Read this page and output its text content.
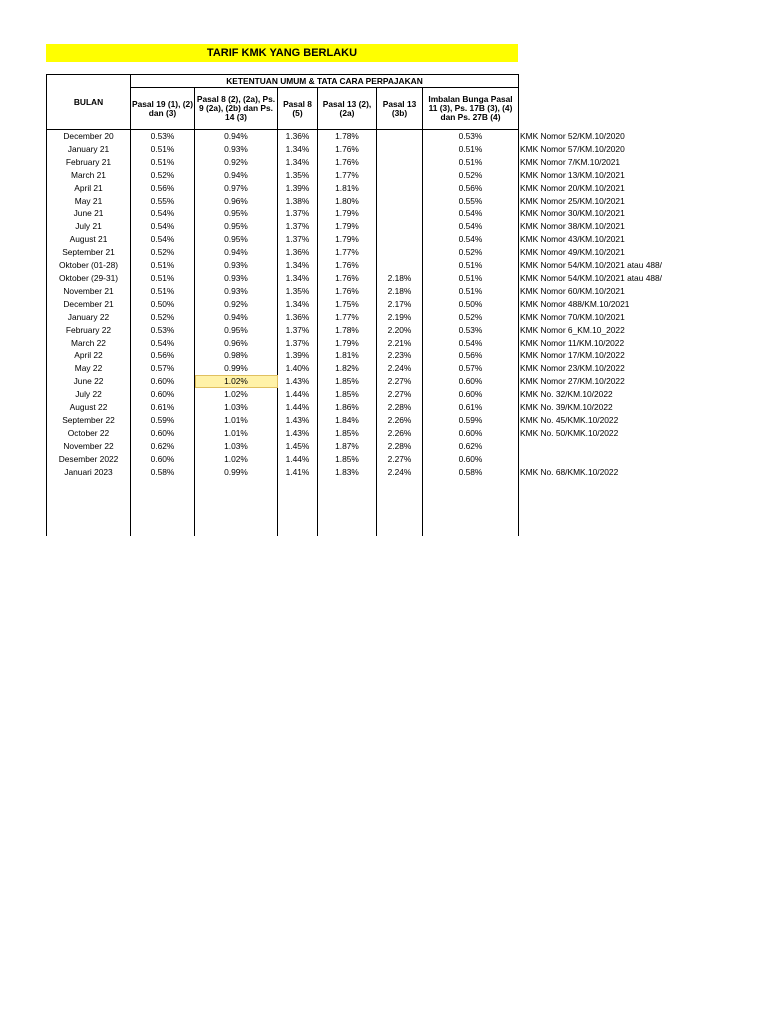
TARIF KMK YANG BERLAKU
BULAN	KETENTUAN UMUM & TATA CARA PERPAJAKAN						
	Pasal 19 (1), (2) dan (3)	Pasal 8 (2), (2a), Ps. 9 (2a), (2b) dan Ps. 14 (3)	Pasal 8 (5)	Pasal 13 (2), (2a)	Pasal 13 (3b)	Imbalan Bunga Pasal 11 (3), Ps. 17B (3), (4) dan Ps. 27B (4)	
December 20	0.53%	0.94%	1.36%	1.78%		0.53%	KMK Nomor 52/KM.10/2020
January 21	0.51%	0.93%	1.34%	1.76%		0.51%	KMK Nomor 57/KM.10/2020
February 21	0.51%	0.92%	1.34%	1.76%		0.51%	KMK Nomor 7/KM.10/2021
March 21	0.52%	0.94%	1.35%	1.77%		0.52%	KMK Nomor 13/KM.10/2021
April 21	0.56%	0.97%	1.39%	1.81%		0.56%	KMK Nomor 20/KM.10/2021
May 21	0.55%	0.96%	1.38%	1.80%		0.55%	KMK Nomor 25/KM.10/2021
June 21	0.54%	0.95%	1.37%	1.79%		0.54%	KMK Nomor 30/KM.10/2021
July 21	0.54%	0.95%	1.37%	1.79%		0.54%	KMK Nomor 38/KM.10/2021
August 21	0.54%	0.95%	1.37%	1.79%		0.54%	KMK Nomor 43/KM.10/2021
September 21	0.52%	0.94%	1.36%	1.77%		0.52%	KMK Nomor 49/KM.10/2021
Oktober (01-28)	0.51%	0.93%	1.34%	1.76%		0.51%	KMK Nomor 54/KM.10/2021 atau 488/
Oktober (29-31)	0.51%	0.93%	1.34%	1.76%	2.18%	0.51%	KMK Nomor 54/KM.10/2021 atau 488/
November 21	0.51%	0.93%	1.35%	1.76%	2.18%	0.51%	KMK Nomor 60/KM.10/2021
December 21	0.50%	0.92%	1.34%	1.75%	2.17%	0.50%	KMK Nomor 488/KM.10/2021
January 22	0.52%	0.94%	1.36%	1.77%	2.19%	0.52%	KMK Nomor 70/KM.10/2021
February 22	0.53%	0.95%	1.37%	1.78%	2.20%	0.53%	KMK Nomor 6_KM.10_2022
March 22	0.54%	0.96%	1.37%	1.79%	2.21%	0.54%	KMK Nomor 11/KM.10/2022
April 22	0.56%	0.98%	1.39%	1.81%	2.23%	0.56%	KMK Nomor 17/KM.10/2022
May 22	0.57%	0.99%	1.40%	1.82%	2.24%	0.57%	KMK Nomor 23/KM.10/2022
June 22	0.60%	1.02%	1.43%	1.85%	2.27%	0.60%	KMK Nomor 27/KM.10/2022
July 22	0.60%	1.02%	1.44%	1.85%	2.27%	0.60%	KMK No. 32/KM.10/2022
August 22	0.61%	1.03%	1.44%	1.86%	2.28%	0.61%	KMK No. 39/KM.10/2022
September 22	0.59%	1.01%	1.43%	1.84%	2.26%	0.59%	KMK No. 45/KMK.10/2022
October 22	0.60%	1.01%	1.43%	1.85%	2.26%	0.60%	KMK No. 50/KMK.10/2022
November 22	0.62%	1.03%	1.45%	1.87%	2.28%	0.62%	
Desember 2022	0.60%	1.02%	1.44%	1.85%	2.27%	0.60%	
Januari 2023	0.58%	0.99%	1.41%	1.83%	2.24%	0.58%	KMK No. 68/KMK.10/2022
